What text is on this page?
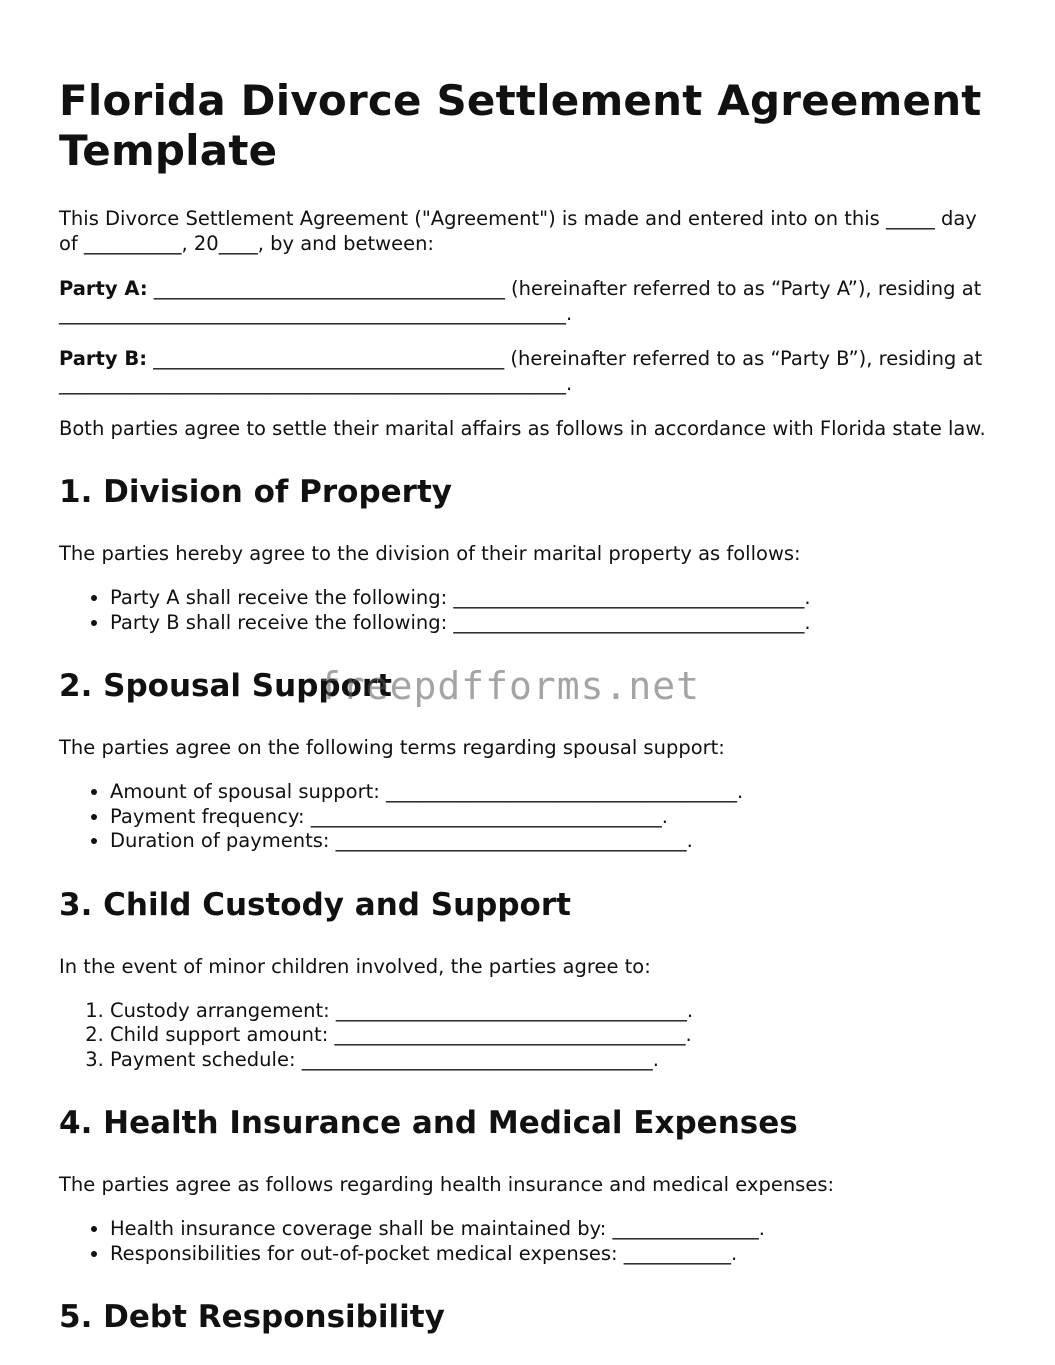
Florida Divorce Settlement Agreement Template

This Divorce Settlement Agreement ("Agreement") is made and entered into on this _____ day of __________, 20____, by and between:

Party A: ____________________________________ (hereinafter referred to as “Party A”), residing at ____________________________________________________.

Party B: ____________________________________ (hereinafter referred to as “Party B”), residing at ____________________________________________________.

Both parties agree to settle their marital affairs as follows in accordance with Florida state law.

1. Division of Property

The parties hereby agree to the division of their marital property as follows:

• Party A shall receive the following: ____________________________________.
• Party B shall receive the following: ____________________________________.
2. Spousal Support

The parties agree on the following terms regarding spousal support:

• Amount of spousal support: ____________________________________.
• Payment frequency: ____________________________________.
• Duration of payments: ____________________________________.
3. Child Custody and Support

In the event of minor children involved, the parties agree to:

1. Custody arrangement: ____________________________________.
2. Child support amount: ____________________________________.
3. Payment schedule: ____________________________________.
4. Health Insurance and Medical Expenses

The parties agree as follows regarding health insurance and medical expenses:

• Health insurance coverage shall be maintained by: _______________.
• Responsibilities for out-of-pocket medical expenses: ___________.
5. Debt Responsibility
freepdfforms.net
